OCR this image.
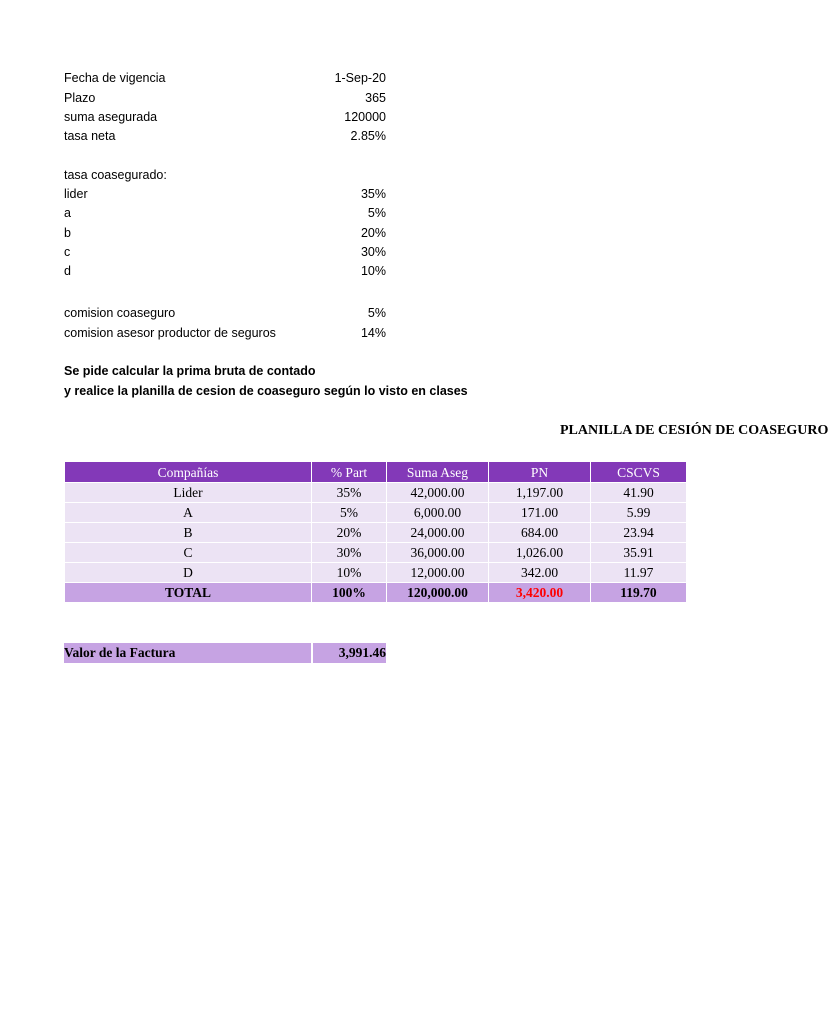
Fecha de vigencia	1-Sep-20
Plazo	365
suma asegurada	120000
tasa neta	2.85%
tasa coasegurado:
lider	35%
a	5%
b	20%
c	30%
d	10%
comision coaseguro	5%
comision asesor productor de seguros	14%
Se pide calcular la prima bruta de contado
y realice la planilla de cesion de coaseguro según lo visto en clases
PLANILLA DE CESIÓN DE COASEGURO
Compañías	% Part	Suma Aseg	PN	CSCVS
Lider	35%	42,000.00	1,197.00	41.90
A	5%	6,000.00	171.00	5.99
B	20%	24,000.00	684.00	23.94
C	30%	36,000.00	1,026.00	35.91
D	10%	12,000.00	342.00	11.97
TOTAL	100%	120,000.00	3,420.00	119.70
Valor de la Factura	3,991.46
